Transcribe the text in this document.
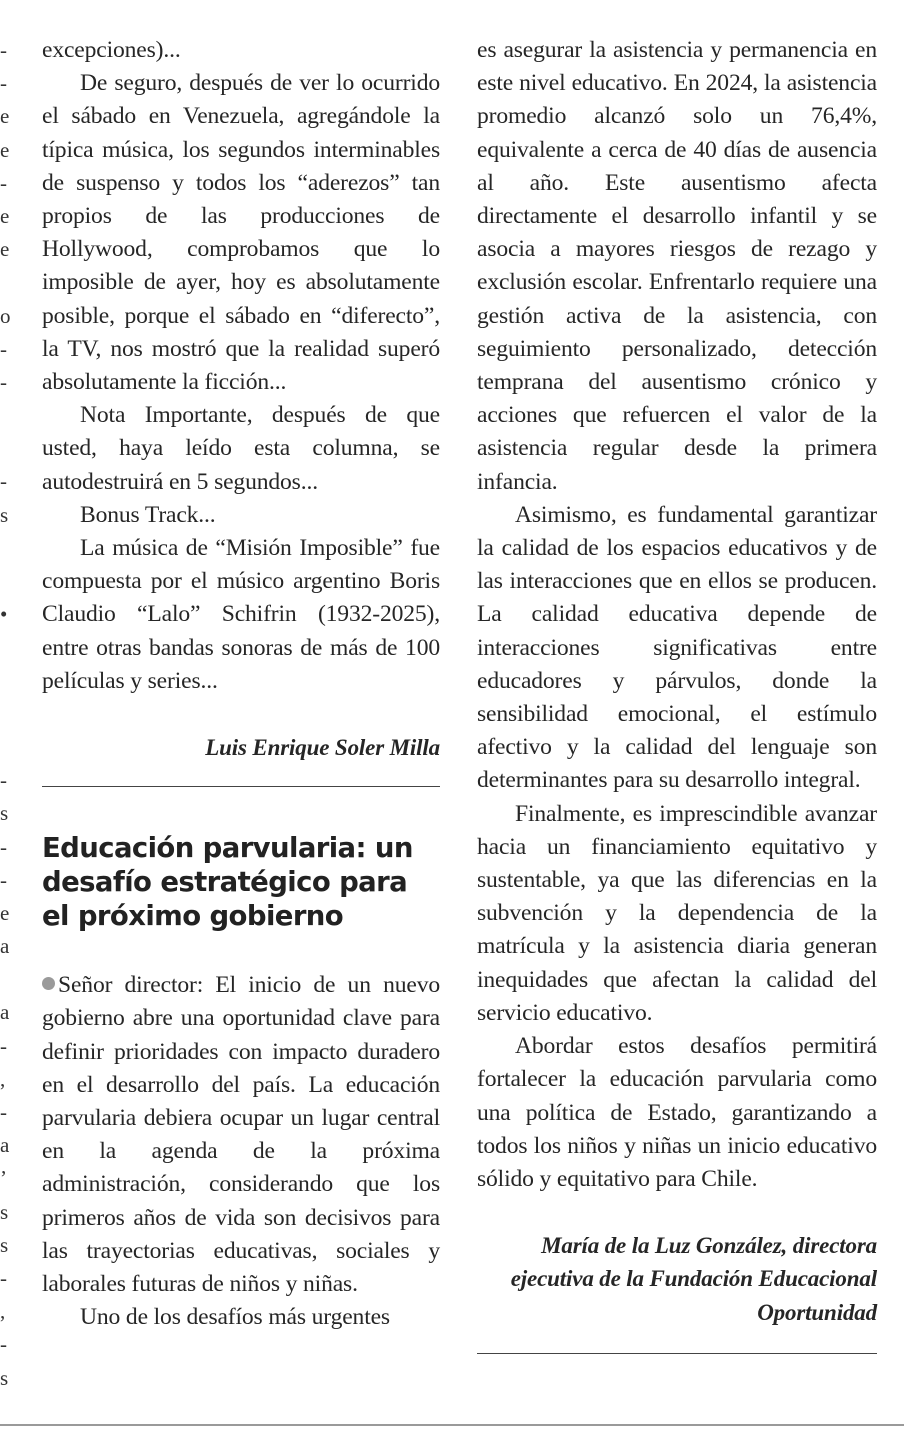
-
-
e
e
-
e
e
o
-
-
-
s
•
-
s
-
-
e
a
a
-
,
-
a
’
s
s
-
,
-
s

excepciones)...

De seguro, después de ver lo ocurrido el sábado en Venezuela, agregándole la típica música, los segundos interminables de suspenso y todos los “aderezos” tan propios de las producciones de Hollywood, comprobamos que lo imposible de ayer, hoy es absolutamente posible, porque el sábado en “diferecto”, la TV, nos mostró que la realidad superó absolutamente la ficción...

Nota Importante, después de que usted, haya leído esta columna, se autodestruirá en 5 segundos...

Bonus Track...

La música de “Misión Imposible” fue compuesta por el músico argentino Boris Claudio “Lalo” Schifrin (1932-2025), entre otras bandas sonoras de más de 100 películas y series...

Luis Enrique Soler Milla
Educación parvularia: un desafío estratégico para el próximo gobierno

Señor director: El inicio de un nuevo gobierno abre una oportunidad clave para definir prioridades con impacto duradero en el desarrollo del país. La educación parvularia debiera ocupar un lugar central en la agenda de la próxima administración, considerando que los primeros años de vida son decisivos para las trayectorias educativas, sociales y laborales futuras de niños y niñas.

Uno de los desafíos más urgentes

es asegurar la asistencia y permanencia en este nivel educativo. En 2024, la asistencia promedio alcanzó solo un 76,4%, equivalente a cerca de 40 días de ausencia al año. Este ausentismo afecta directamente el desarrollo infantil y se asocia a mayores riesgos de rezago y exclusión escolar. Enfrentarlo requiere una gestión activa de la asistencia, con seguimiento personalizado, detección temprana del ausentismo crónico y acciones que refuercen el valor de la asistencia regular desde la primera infancia.

Asimismo, es fundamental garantizar la calidad de los espacios educativos y de las interacciones que en ellos se producen. La calidad educativa depende de interacciones significativas entre educadores y párvulos, donde la sensibilidad emocional, el estímulo afectivo y la calidad del lenguaje son determinantes para su desarrollo integral.

Finalmente, es imprescindible avanzar hacia un financiamiento equitativo y sustentable, ya que las diferencias en la subvención y la dependencia de la matrícula y la asistencia diaria generan inequidades que afectan la calidad del servicio educativo.

Abordar estos desafíos permitirá fortalecer la educación parvularia como una política de Estado, garantizando a todos los niños y niñas un inicio educativo sólido y equitativo para Chile.

María de la Luz González, directora ejecutiva de la Fundación Educacional Oportunidad
